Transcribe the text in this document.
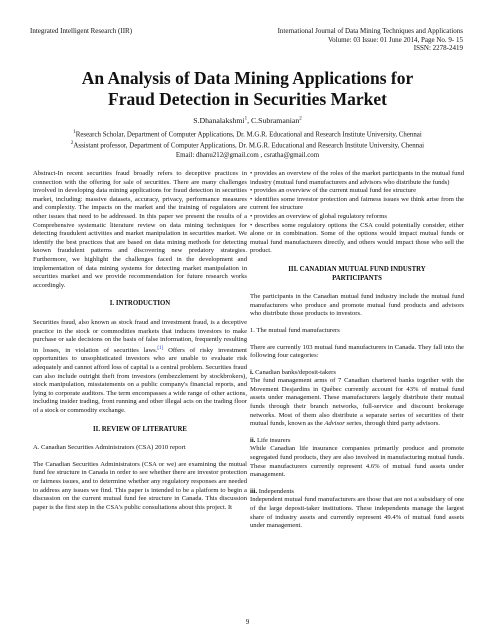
Integrated Intelligent Research (IIR)	International Journal of Data Mining Techniques and Applications
Volume: 03 Issue: 01 June 2014, Page No. 9- 15
ISSN: 2278-2419
An Analysis of Data Mining Applications for
Fraud Detection in Securities Market
S.Dhanalakshmi$^1$, C.Subramanian$^2$
$^1$Research Scholar, Department of Computer Applications, Dr. M.G.R. Educational and Research Institute University, Chennai
$^2$Assistant professor, Department of Computer Applications, Dr. M.G.R. Educational and Research Institute University, Chennai
Email: dhanu212@gmail.com , csratha@gmail.com

Abstract-In recent securities fraud broadly refers to deceptive practices in connection with the offering for sale of securities. There are many challenges involved in developing data mining applications for fraud detection in securities market, including: massive datasets, accuracy, privacy, performance measures and complexity. The impacts on the market and the training of regulators are other issues that need to be addressed. In this paper we present the results of a Comprehensive systematic literature review on data mining techniques for detecting fraudulent activities and market manipulation in securities market. We identify the best practices that are based on data mining methods for detecting known fraudulent patterns and discovering new predatory strategies. Furthermore, we highlight the challenges faced in the development and implementation of data mining systems for detecting market manipulation in securities market and we provide recommendation for future research works accordingly.

I. INTRODUCTION

Securities fraud, also known as stock fraud and investment fraud, is a deceptive practice in the stock or commodities markets that induces investors to make purchase or sale decisions on the basis of false information, frequently resulting in losses, in violation of securities laws.[1] Offers of risky investment opportunities to unsophisticated investors who are unable to evaluate risk adequately and cannot afford loss of capital is a central problem. Securities fraud can also include outright theft from investors (embezzlement by stockbrokers), stock manipulation, misstatements on a public company's financial reports, and lying to corporate auditors. The term encompasses a wide range of other actions, including insider trading, front running and other illegal acts on the trading floor of a stock or commodity exchange.

II. REVIEW OF LITERATURE
A. Canadian Securities Administrators (CSA) 2010 report

The Canadian Securities Administrators (CSA or we) are examining the mutual fund fee structure in Canada in order to see whether there are investor protection or fairness issues, and to determine whether any regulatory responses are needed to address any issues we find. This paper is intended to be a platform to begin a discussion on the current mutual fund fee structure in Canada. This discussion paper is the first step in the CSA's public consultations about this project. It

• provides an overview of the roles of the market participants in the mutual fund industry (mutual fund manufacturers and advisors who distribute the funds)
• provides an overview of the current mutual fund fee structure
• identifies some investor protection and fairness issues we think arise from the current fee structure
• provides an overview of global regulatory reforms
• describes some regulatory options the CSA could potentially consider, either alone or in combination. Some of the options would impact mutual funds or mutual fund manufacturers directly, and others would impact those who sell the product.
III. CANADIAN MUTUAL FUND INDUSTRY
PARTICIPANTS

The participants in the Canadian mutual fund industry include the mutual fund manufacturers who produce and promote mutual fund products and advisors who distribute those products to investors.

1. The mutual fund manufacturers

There are currently 103 mutual fund manufacturers in Canada. They fall into the following four categories:

i. Canadian banks/deposit-takers

The fund management arms of 7 Canadian chartered banks together with the Movement Desjardins in Québec currently account for 43% of mutual fund assets under management. These manufacturers largely distribute their mutual funds through their branch networks, full-service and discount brokerage networks. Most of them also distribute a separate series of securities of their mutual funds, known as the Advisor series, through third party advisors.

ii. Life insurers

While Canadian life insurance companies primarily produce and promote segregated fund products, they are also involved in manufacturing mutual funds. These manufacturers currently represent 4.6% of mutual fund assets under management.

iii. Independents

Independent mutual fund manufacturers are those that are not a subsidiary of one of the large deposit-taker institutions. These independents manage the largest share of industry assets and currently represent 49.4% of mutual fund assets under management.

9
